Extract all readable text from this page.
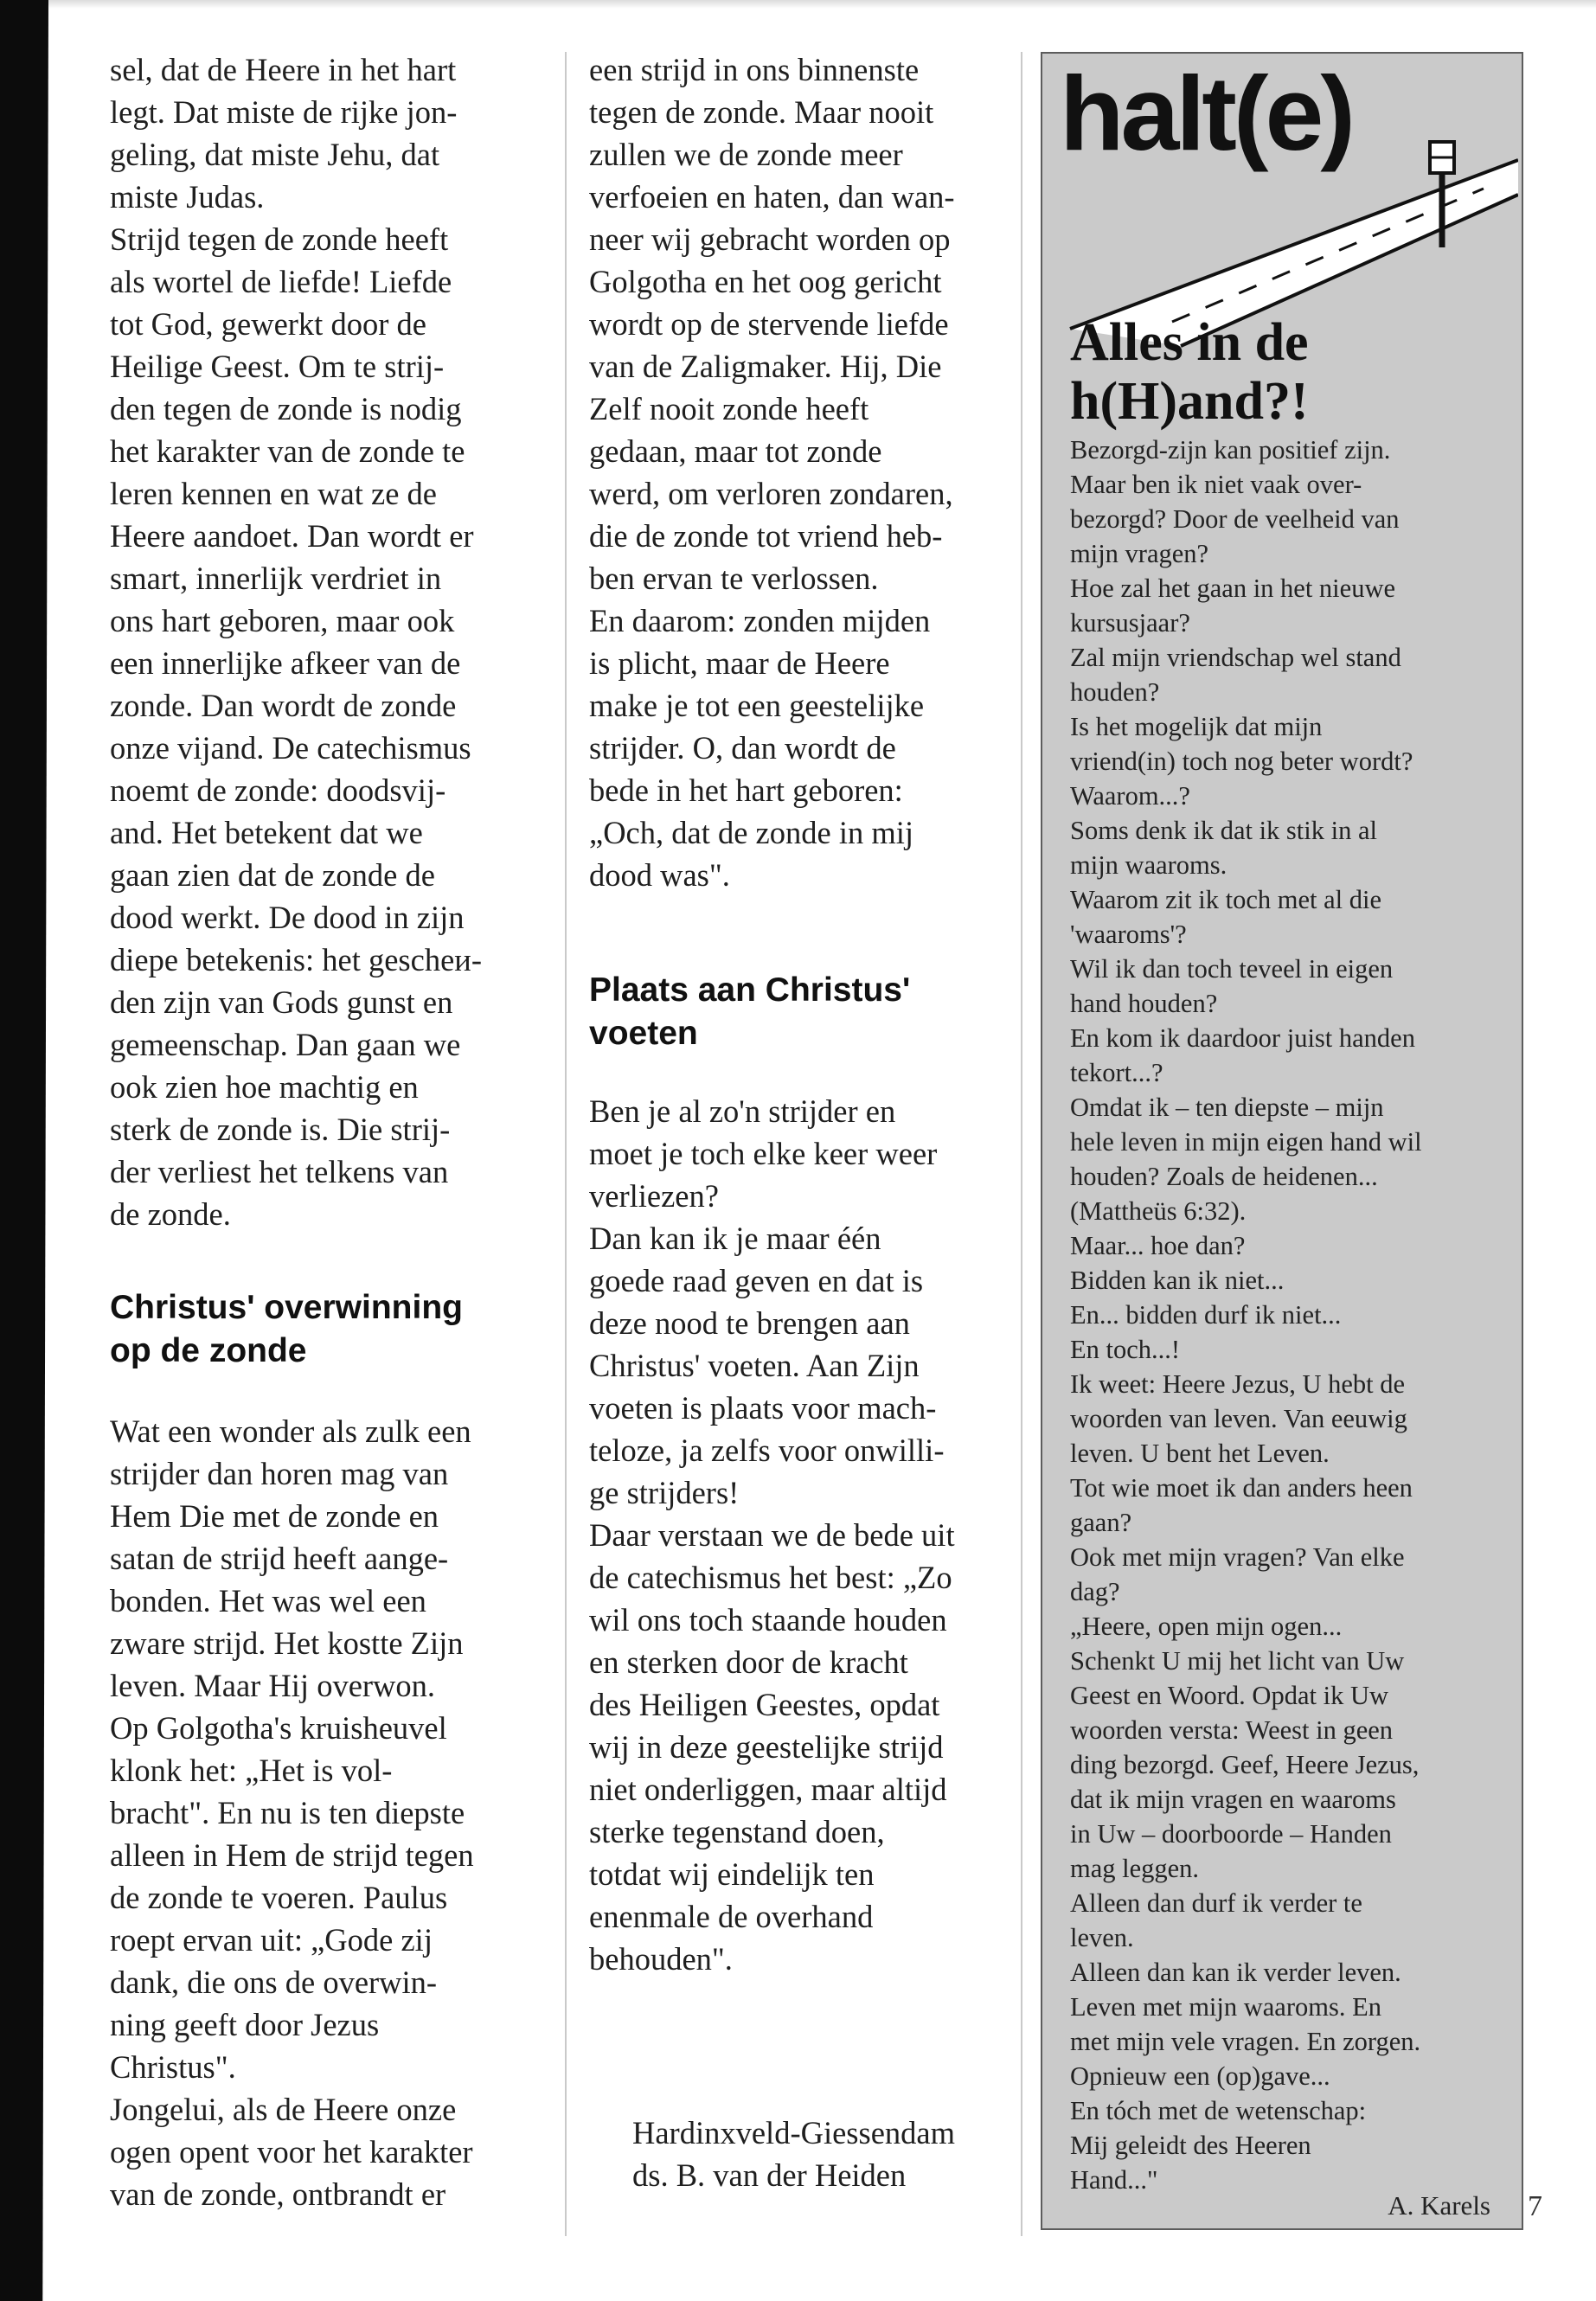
sel, dat de Heere in het hart
legt. Dat miste de rijke jon-
geling, dat miste Jehu, dat
miste Judas.
Strijd tegen de zonde heeft
als wortel de liefde! Liefde
tot God, gewerkt door de
Heilige Geest. Om te strij-
den tegen de zonde is nodig
het karakter van de zonde te
leren kennen en wat ze de
Heere aandoet. Dan wordt er
smart, innerlijk verdriet in
ons hart geboren, maar ook
een innerlijke afkeer van de
zonde. Dan wordt de zonde
onze vijand. De catechismus
noemt de zonde: doodsvij-
and. Het betekent dat we
gaan zien dat de zonde de
dood werkt. De dood in zijn
diepe betekenis: het gescheи-
den zijn van Gods gunst en
gemeenschap. Dan gaan we
ook zien hoe machtig en
sterk de zonde is. Die strij-
der verliest het telkens van
de zonde.

Christus' overwinning
op de zonde

Wat een wonder als zulk een
strijder dan horen mag van
Hem Die met de zonde en
satan de strijd heeft aange-
bonden. Het was wel een
zware strijd. Het kostte Zijn
leven. Maar Hij overwon.
Op Golgotha's kruisheuvel
klonk het: „Het is vol-
bracht". En nu is ten diepste
alleen in Hem de strijd tegen
de zonde te voeren. Paulus
roept ervan uit: „Gode zij
dank, die ons de overwin-
ning geeft door Jezus
Christus".
Jongelui, als de Heere onze
ogen opent voor het karakter
van de zonde, ontbrandt er

een strijd in ons binnenste
tegen de zonde. Maar nooit
zullen we de zonde meer
verfoeien en haten, dan wan-
neer wij gebracht worden op
Golgotha en het oog gericht
wordt op de stervende liefde
van de Zaligmaker. Hij, Die
Zelf nooit zonde heeft
gedaan, maar tot zonde
werd, om verloren zondaren,
die de zonde tot vriend heb-
ben ervan te verlossen.
En daarom: zonden mijden
is plicht, maar de Heere
make je tot een geestelijke
strijder. O, dan wordt de
bede in het hart geboren:
„Och, dat de zonde in mij
dood was".

Plaats aan Christus'
voeten

Ben je al zo'n strijder en
moet je toch elke keer weer
verliezen?
Dan kan ik je maar één
goede raad geven en dat is
deze nood te brengen aan
Christus' voeten. Aan Zijn
voeten is plaats voor mach-
teloze, ja zelfs voor onwilli-
ge strijders!
Daar verstaan we de bede uit
de catechismus het best: „Zo
wil ons toch staande houden
en sterken door de kracht
des Heiligen Geestes, opdat
wij in deze geestelijke strijd
niet onderliggen, maar altijd
sterke tegenstand doen,
totdat wij eindelijk ten
enenmale de overhand
behouden".

Hardinxveld-Giessendam

ds. B. van der Heiden

halt(e)
Alles in de
h(H)and?!
Bezorgd-zijn kan positief zijn.
Maar ben ik niet vaak over-
bezorgd? Door de veelheid van
mijn vragen?
Hoe zal het gaan in het nieuwe
kursusjaar?
Zal mijn vriendschap wel stand
houden?
Is het mogelijk dat mijn
vriend(in) toch nog beter wordt?
Waarom...?
Soms denk ik dat ik stik in al
mijn waaroms.
Waarom zit ik toch met al die
'waaroms'?
Wil ik dan toch teveel in eigen
hand houden?
En kom ik daardoor juist handen
tekort...?
Omdat ik – ten diepste – mijn
hele leven in mijn eigen hand wil
houden? Zoals de heidenen...
(Mattheüs 6:32).
Maar... hoe dan?
Bidden kan ik niet...
En... bidden durf ik niet...
En toch...!
Ik weet: Heere Jezus, U hebt de
woorden van leven. Van eeuwig
leven. U bent het Leven.
Tot wie moet ik dan anders heen
gaan?
Ook met mijn vragen? Van elke
dag?
„Heere, open mijn ogen...
Schenkt U mij het licht van Uw
Geest en Woord. Opdat ik Uw
woorden versta: Weest in geen
ding bezorgd. Geef, Heere Jezus,
dat ik mijn vragen en waaroms
in Uw – doorboorde – Handen
mag leggen.
Alleen dan durf ik verder te
leven.
Alleen dan kan ik verder leven.
Leven met mijn waaroms. En
met mijn vele vragen. En zorgen.
Opnieuw een (op)gave...
En tóch met de wetenschap:
Mij geleidt des Heeren
Hand..."
A. Karels 7
